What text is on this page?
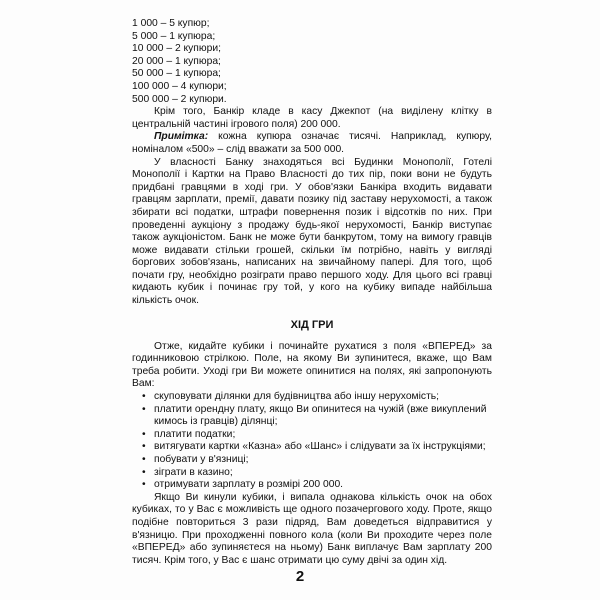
1 000 – 5 купюр;
5 000 – 1 купюра;
10 000 – 2 купюри;
20 000 – 1 купюра;
50 000 – 1 купюра;
100 000 – 4 купюри;
500 000 – 2 купюри.

Крім того, Банкір кладе в касу Джекпот (на виділену клітку в центральній частині ігрового поля) 200 000.

Примітка: кожна купюра означає тисячі. Наприклад, купюру, номіналом «500» – слід вважати за 500 000.

У власності Банку знаходяться всі Будинки Монополії, Готелі Монополії і Картки на Право Власності до тих пір, поки вони не будуть придбані гравцями в ході гри. У обов'язки Банкіра входить видавати гравцям зарплати, премії, давати позику під заставу нерухомості, а також збирати всі податки, штрафи повернення позик і відсотків по них. При проведенні аукціону з продажу будь-якої нерухомості, Банкір виступає також аукціоністом. Банк не може бути банкрутом, тому на вимогу гравців може видавати стільки грошей, скільки їм потрібно, навіть у вигляді боргових зобов'язань, написаних на звичайному папері. Для того, щоб почати гру, необхідно розіграти право першого ходу. Для цього всі гравці кидають кубик і починає гру той, у кого на кубику випаде найбільша кількість очок.

ХІД ГРИ

Отже, кидайте кубики і починайте рухатися з поля «ВПЕРЕД» за годинниковою стрілкою. Поле, на якому Ви зупинитеся, вкаже, що Вам треба робити. Уході гри Ви можете опинитися на полях, які запропонують Вам:

• скуповувати ділянки для будівництва або іншу нерухомість;
• платити орендну плату, якщо Ви опинитеся на чужій (вже викуплений кимось із гравців) ділянці;
• платити податки;
• витягувати картки «Казна» або «Шанс» і слідувати за їх інструкціями;
• побувати у в'язниці;
• зіграти в казино;
• отримувати зарплату в розмірі 200 000.

Якщо Ви кинули кубики, і випала однакова кількість очок на обох кубиках, то у Вас є можливість ще одного позачергового ходу. Проте, якщо подібне повториться 3 рази підряд, Вам доведеться відправитися у в'язницю. При проходженні повного кола (коли Ви проходите через поле «ВПЕРЕД» або зупиняєтеся на ньому) Банк виплачує Вам зарплату 200 тисяч. Крім того, у Вас є шанс отримати цю суму двічі за один хід.

2
